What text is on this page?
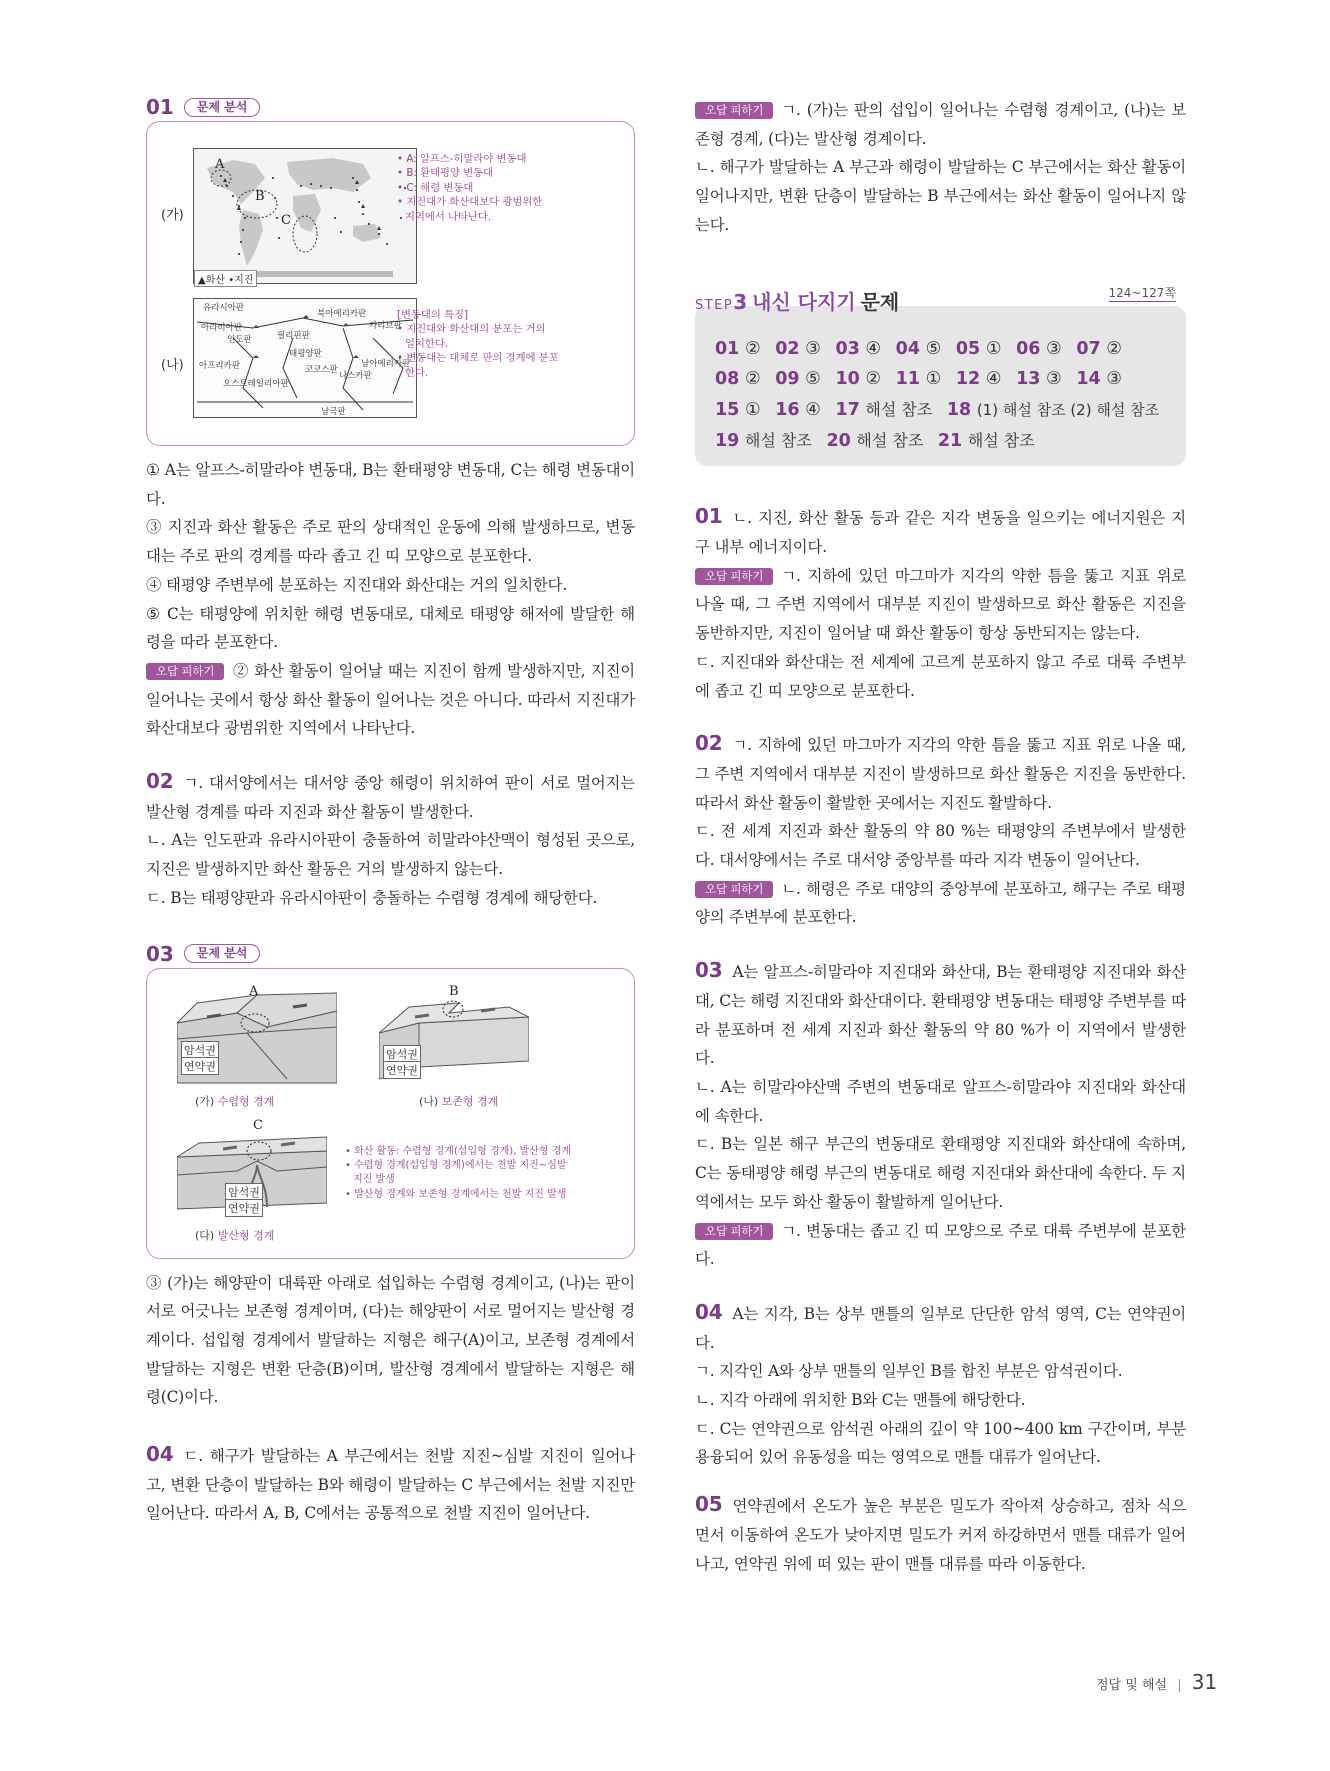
01	문제 분석
(가)
A
B
C
▲화산 •지진
• A: 알프스-히말라야 변동대
• B: 환태평양 변동대
• C: 해령 변동대
• 지진대가 화산대보다 광범위한
지역에서 나타난다.
(나)
유라시아판
아라비아판
인도판	필리핀판
북아메리카판
카리브판
태평양판
코코스판
나스카판
남아메리카판
아프리카판
오스트레일리아판
남극판
[변동대의 특징]
• 지진대와 화산대의 분포는 거의
일치한다.
• 변동대는 대체로 판의 경계에 분포
한다.

① A는 알프스-히말라야 변동대, B는 환태평양 변동대, C는 해령 변동대이다.

③ 지진과 화산 활동은 주로 판의 상대적인 운동에 의해 발생하므로, 변동대는 주로 판의 경계를 따라 좁고 긴 띠 모양으로 분포한다.

④ 태평양 주변부에 분포하는 지진대와 화산대는 거의 일치한다.

⑤ C는 태평양에 위치한 해령 변동대로, 대체로 태평양 해저에 발달한 해령을 따라 분포한다.

오답 피하기 ② 화산 활동이 일어날 때는 지진이 함께 발생하지만, 지진이 일어나는 곳에서 항상 화산 활동이 일어나는 것은 아니다. 따라서 지진대가 화산대보다 광범위한 지역에서 나타난다.

02 ㄱ. 대서양에서는 대서양 중앙 해령이 위치하여 판이 서로 멀어지는 발산형 경계를 따라 지진과 화산 활동이 발생한다.

ㄴ. A는 인도판과 유라시아판이 충돌하여 히말라야산맥이 형성된 곳으로, 지진은 발생하지만 화산 활동은 거의 발생하지 않는다.

ㄷ. B는 태평양판과 유라시아판이 충돌하는 수렴형 경계에 해당한다.

03	문제 분석
A
암석권
연약권
(가) 수렴형 경계
B
암석권
연약권
(나) 보존형 경계
C
암석권
연약권
(다) 발산형 경계
• 화산 활동: 수렴형 경계(섭입형 경계), 발산형 경계
• 수렴형 경계(섭입형 경계)에서는 천발 지진~심발
지진 발생
• 발산형 경계와 보존형 경계에서는 천발 지진 발생

③ (가)는 해양판이 대륙판 아래로 섭입하는 수렴형 경계이고, (나)는 판이 서로 어긋나는 보존형 경계이며, (다)는 해양판이 서로 멀어지는 발산형 경계이다. 섭입형 경계에서 발달하는 지형은 해구(A)이고, 보존형 경계에서 발달하는 지형은 변환 단층(B)이며, 발산형 경계에서 발달하는 지형은 해령(C)이다.

04 ㄷ. 해구가 발달하는 A 부근에서는 천발 지진~심발 지진이 일어나고, 변환 단층이 발달하는 B와 해령이 발달하는 C 부근에서는 천발 지진만 일어난다. 따라서 A, B, C에서는 공통적으로 천발 지진이 일어난다.

오답 피하기 ㄱ. (가)는 판의 섭입이 일어나는 수렴형 경계이고, (나)는 보존형 경계, (다)는 발산형 경계이다.

ㄴ. 해구가 발달하는 A 부근과 해령이 발달하는 C 부근에서는 화산 활동이 일어나지만, 변환 단층이 발달하는 B 부근에서는 화산 활동이 일어나지 않는다.

STEP3 내신 다지기 문제	124~127쪽
01 ② 02 ③ 03 ④ 04 ⑤ 05 ① 06 ③ 07 ②
08 ② 09 ⑤ 10 ② 11 ① 12 ④ 13 ③ 14 ③
15 ① 16 ④ 17 해설 참조 18 (1) 해설 참조 (2) 해설 참조
19 해설 참조 20 해설 참조 21 해설 참조

01 ㄴ. 지진, 화산 활동 등과 같은 지각 변동을 일으키는 에너지원은 지구 내부 에너지이다.

오답 피하기 ㄱ. 지하에 있던 마그마가 지각의 약한 틈을 뚫고 지표 위로 나올 때, 그 주변 지역에서 대부분 지진이 발생하므로 화산 활동은 지진을 동반하지만, 지진이 일어날 때 화산 활동이 항상 동반되지는 않는다.

ㄷ. 지진대와 화산대는 전 세계에 고르게 분포하지 않고 주로 대륙 주변부에 좁고 긴 띠 모양으로 분포한다.

02 ㄱ. 지하에 있던 마그마가 지각의 약한 틈을 뚫고 지표 위로 나올 때, 그 주변 지역에서 대부분 지진이 발생하므로 화산 활동은 지진을 동반한다. 따라서 화산 활동이 활발한 곳에서는 지진도 활발하다.

ㄷ. 전 세계 지진과 화산 활동의 약 80 %는 태평양의 주변부에서 발생한다. 대서양에서는 주로 대서양 중앙부를 따라 지각 변동이 일어난다.

오답 피하기 ㄴ. 해령은 주로 대양의 중앙부에 분포하고, 해구는 주로 태평양의 주변부에 분포한다.

03 A는 알프스-히말라야 지진대와 화산대, B는 환태평양 지진대와 화산대, C는 해령 지진대와 화산대이다. 환태평양 변동대는 태평양 주변부를 따라 분포하며 전 세계 지진과 화산 활동의 약 80 %가 이 지역에서 발생한다.

ㄴ. A는 히말라야산맥 주변의 변동대로 알프스-히말라야 지진대와 화산대에 속한다.

ㄷ. B는 일본 해구 부근의 변동대로 환태평양 지진대와 화산대에 속하며, C는 동태평양 해령 부근의 변동대로 해령 지진대와 화산대에 속한다. 두 지역에서는 모두 화산 활동이 활발하게 일어난다.

오답 피하기 ㄱ. 변동대는 좁고 긴 띠 모양으로 주로 대륙 주변부에 분포한다.

04 A는 지각, B는 상부 맨틀의 일부로 단단한 암석 영역, C는 연약권이다.

ㄱ. 지각인 A와 상부 맨틀의 일부인 B를 합친 부분은 암석권이다.

ㄴ. 지각 아래에 위치한 B와 C는 맨틀에 해당한다.

ㄷ. C는 연약권으로 암석권 아래의 깊이 약 100~400 km 구간이며, 부분 용융되어 있어 유동성을 띠는 영역으로 맨틀 대류가 일어난다.

05 연약권에서 온도가 높은 부분은 밀도가 작아져 상승하고, 점차 식으면서 이동하여 온도가 낮아지면 밀도가 커져 하강하면서 맨틀 대류가 일어나고, 연약권 위에 떠 있는 판이 맨틀 대류를 따라 이동한다.

정답 및 해설 | 31
